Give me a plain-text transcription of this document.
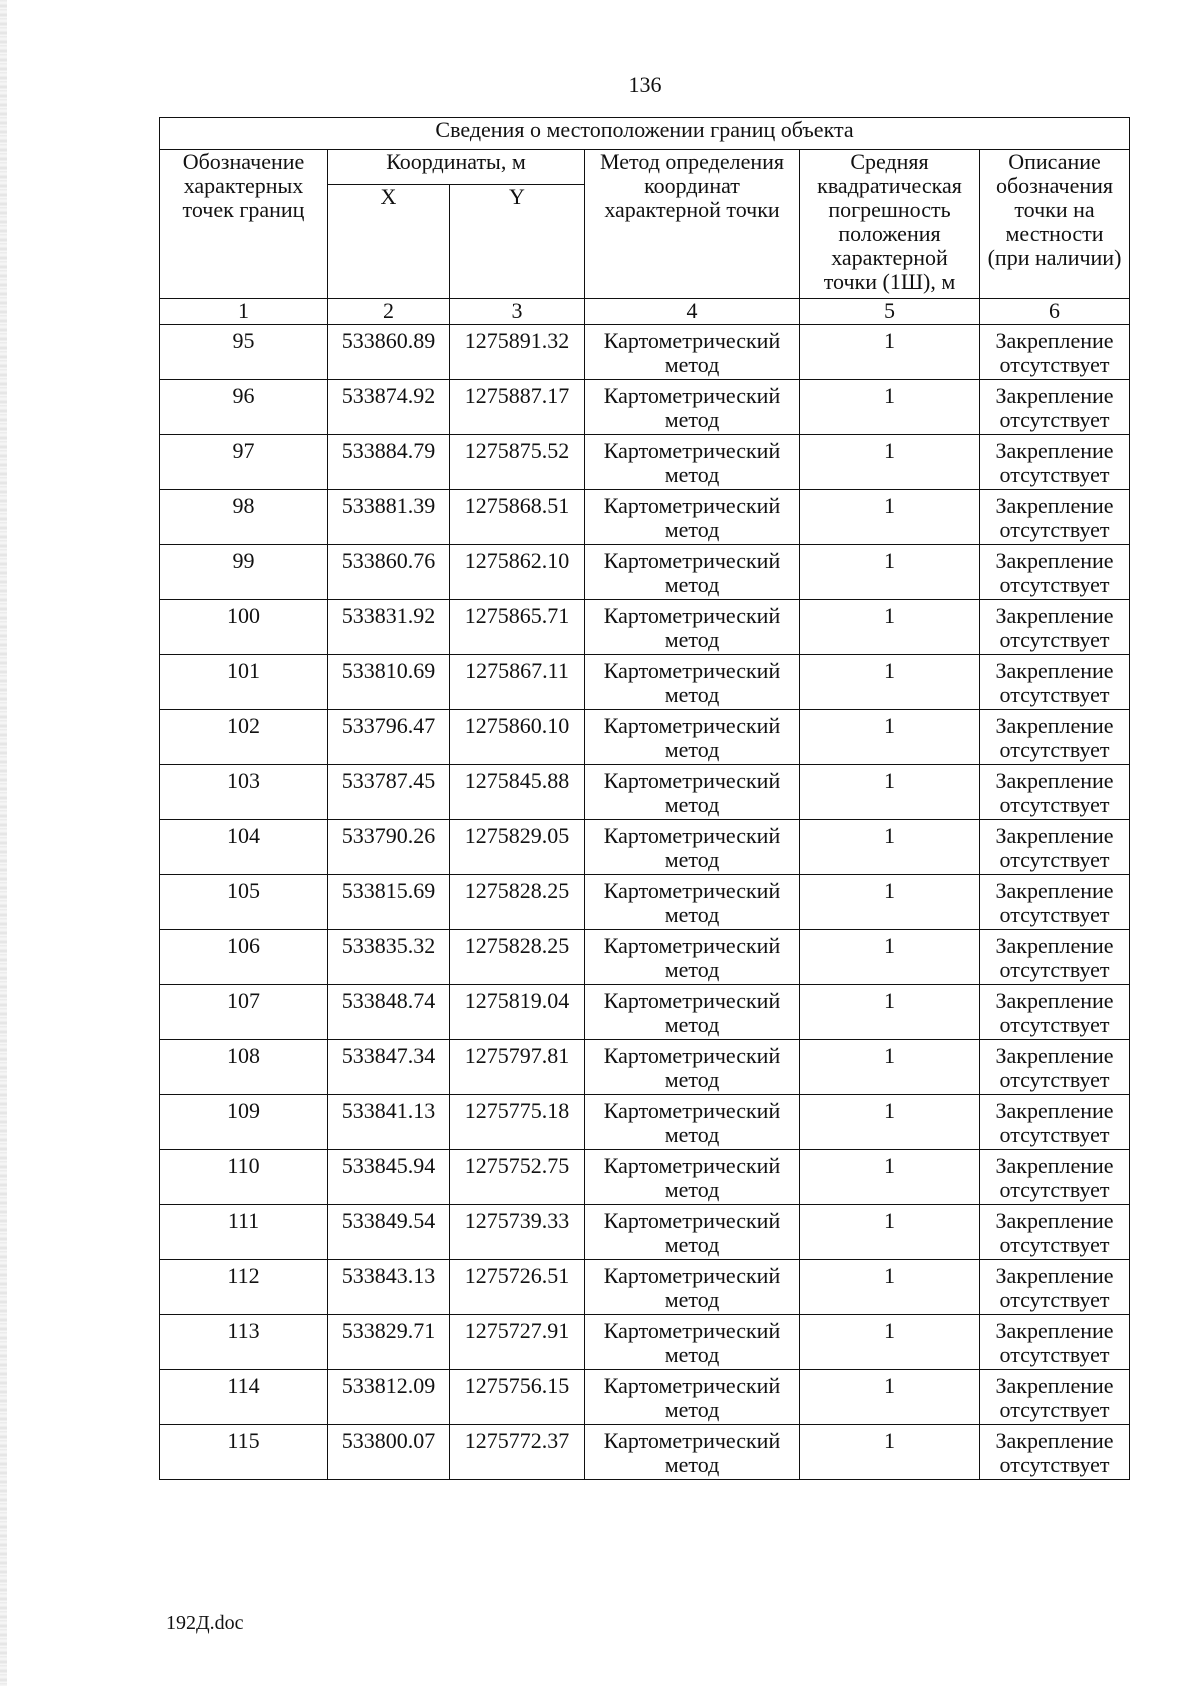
136
Сведения о местоположении границ объекта					
Обозначение характерных точек границ	Координаты, м		Метод определения координат характерной точки	Средняя квадратическая погрешность положения характерной точки (1Ш), м	Описание обозначения точки на местности (при наличии)
	X	Y			
1	2	3	4	5	6
95	533860.89	1275891.32	Картометрический метод	1	Закрепление отсутствует
96	533874.92	1275887.17	Картометрический метод	1	Закрепление отсутствует
97	533884.79	1275875.52	Картометрический метод	1	Закрепление отсутствует
98	533881.39	1275868.51	Картометрический метод	1	Закрепление отсутствует
99	533860.76	1275862.10	Картометрический метод	1	Закрепление отсутствует
100	533831.92	1275865.71	Картометрический метод	1	Закрепление отсутствует
101	533810.69	1275867.11	Картометрический метод	1	Закрепление отсутствует
102	533796.47	1275860.10	Картометрический метод	1	Закрепление отсутствует
103	533787.45	1275845.88	Картометрический метод	1	Закрепление отсутствует
104	533790.26	1275829.05	Картометрический метод	1	Закрепление отсутствует
105	533815.69	1275828.25	Картометрический метод	1	Закрепление отсутствует
106	533835.32	1275828.25	Картометрический метод	1	Закрепление отсутствует
107	533848.74	1275819.04	Картометрический метод	1	Закрепление отсутствует
108	533847.34	1275797.81	Картометрический метод	1	Закрепление отсутствует
109	533841.13	1275775.18	Картометрический метод	1	Закрепление отсутствует
110	533845.94	1275752.75	Картометрический метод	1	Закрепление отсутствует
111	533849.54	1275739.33	Картометрический метод	1	Закрепление отсутствует
112	533843.13	1275726.51	Картометрический метод	1	Закрепление отсутствует
113	533829.71	1275727.91	Картометрический метод	1	Закрепление отсутствует
114	533812.09	1275756.15	Картометрический метод	1	Закрепление отсутствует
115	533800.07	1275772.37	Картометрический метод	1	Закрепление отсутствует
192Д.doc
